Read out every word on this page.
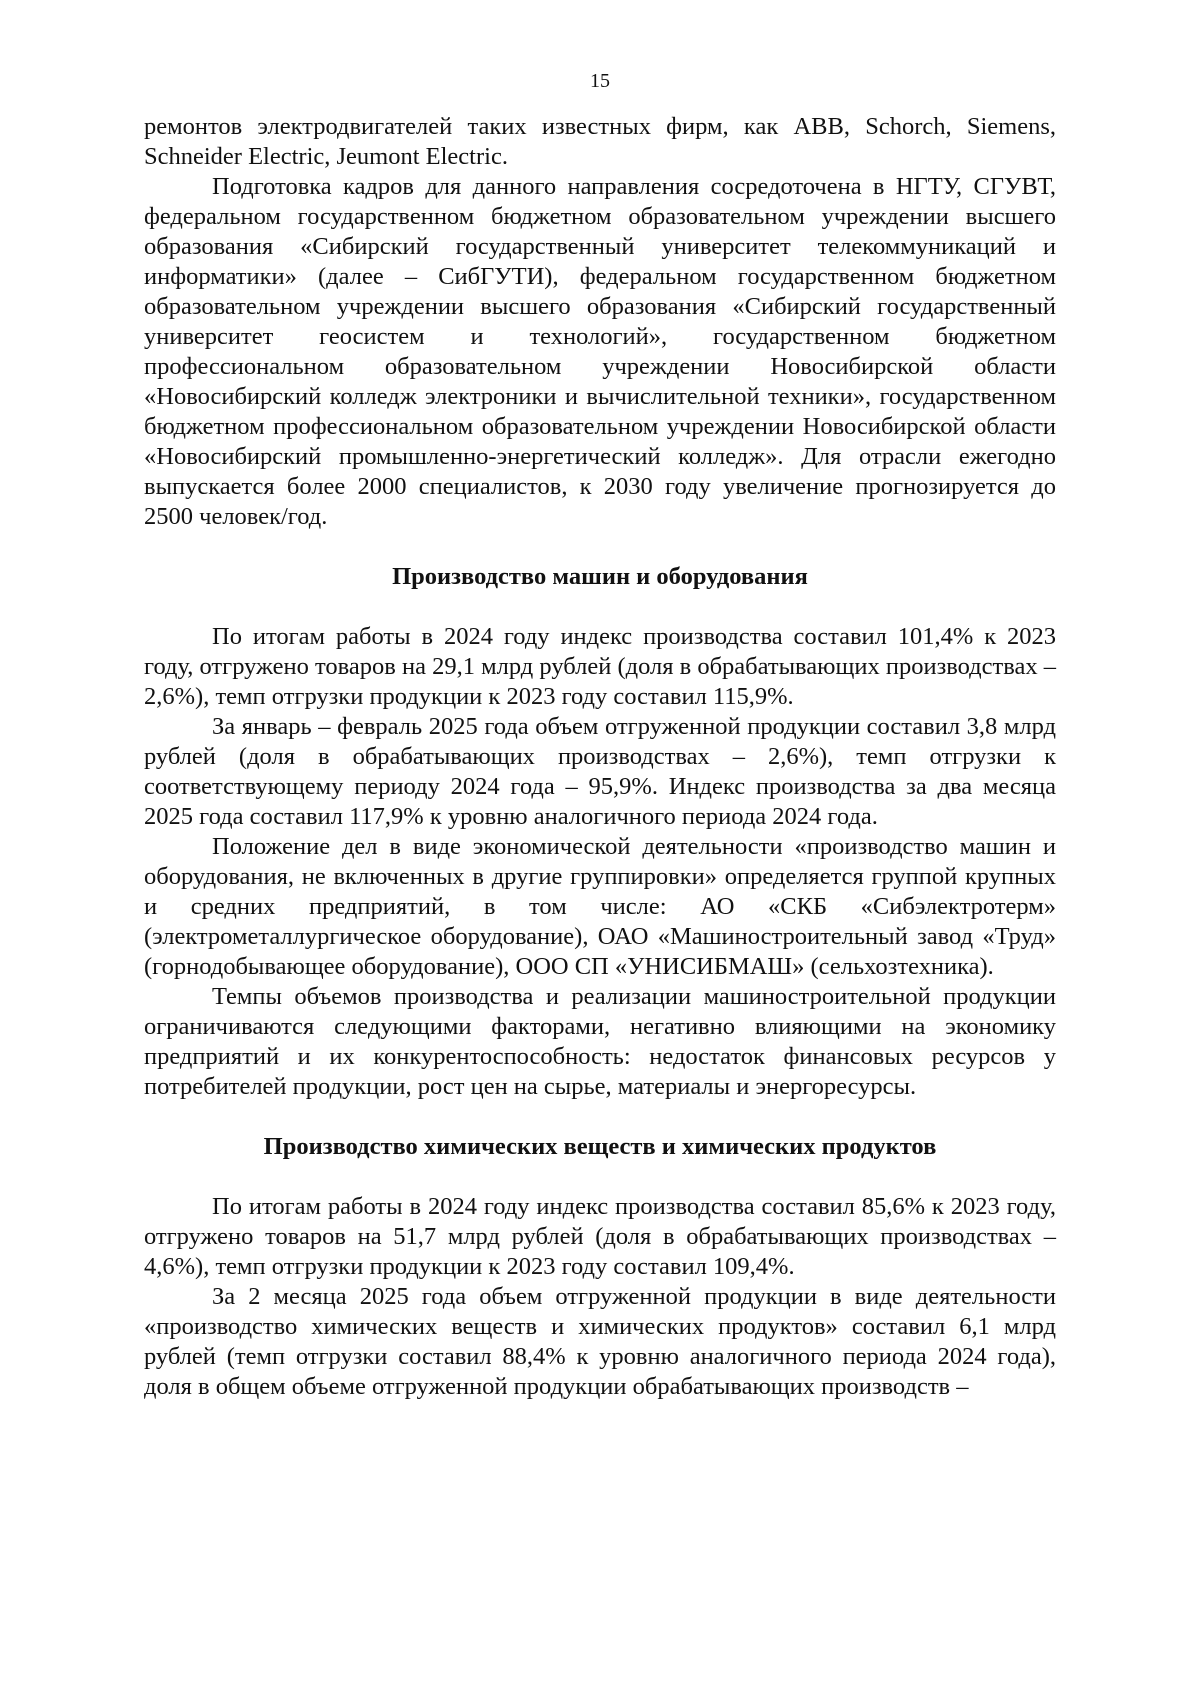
15

ремонтов электродвигателей таких известных фирм, как ABB, Schorch, Siemens, Schneider Electric, Jeumont Electric.

Подготовка кадров для данного направления сосредоточена в НГТУ, СГУВТ, федеральном государственном бюджетном образовательном учреждении высшего образования «Сибирский государственный университет телекоммуникаций и информатики» (далее – СибГУТИ), федеральном государственном бюджетном образовательном учреждении высшего образования «Сибирский государственный университет геосистем и технологий», государственном бюджетном профессиональном образовательном учреждении Новосибирской области «Новосибирский колледж электроники и вычислительной техники», государственном бюджетном профессиональном образовательном учреждении Новосибирской области «Новосибирский промышленно-энергетический колледж». Для отрасли ежегодно выпускается более 2000 специалистов, к 2030 году увеличение прогнозируется до 2500 человек/год.

Производство машин и оборудования

По итогам работы в 2024 году индекс производства составил 101,4% к 2023 году, отгружено товаров на 29,1 млрд рублей (доля в обрабатывающих производствах – 2,6%), темп отгрузки продукции к 2023 году составил 115,9%.

За январь – февраль 2025 года объем отгруженной продукции составил 3,8 млрд рублей (доля в обрабатывающих производствах – 2,6%), темп отгрузки к соответствующему периоду 2024 года – 95,9%. Индекс производства за два месяца 2025 года составил 117,9% к уровню аналогичного периода 2024 года.

Положение дел в виде экономической деятельности «производство машин и оборудования, не включенных в другие группировки» определяется группой крупных и средних предприятий, в том числе: АО «СКБ «Сибэлектротерм» (электрометаллургическое оборудование), ОАО «Машиностроительный завод «Труд» (горнодобывающее оборудование), ООО СП «УНИСИБМАШ» (сельхозтехника).

Темпы объемов производства и реализации машиностроительной продукции ограничиваются следующими факторами, негативно влияющими на экономику предприятий и их конкурентоспособность: недостаток финансовых ресурсов у потребителей продукции, рост цен на сырье, материалы и энергоресурсы.

Производство химических веществ и химических продуктов

По итогам работы в 2024 году индекс производства составил 85,6% к 2023 году, отгружено товаров на 51,7 млрд рублей (доля в обрабатывающих производствах – 4,6%), темп отгрузки продукции к 2023 году составил 109,4%.

За 2 месяца 2025 года объем отгруженной продукции в виде деятельности «производство химических веществ и химических продуктов» составил 6,1 млрд рублей (темп отгрузки составил 88,4% к уровню аналогичного периода 2024 года), доля в общем объеме отгруженной продукции обрабатывающих производств –
